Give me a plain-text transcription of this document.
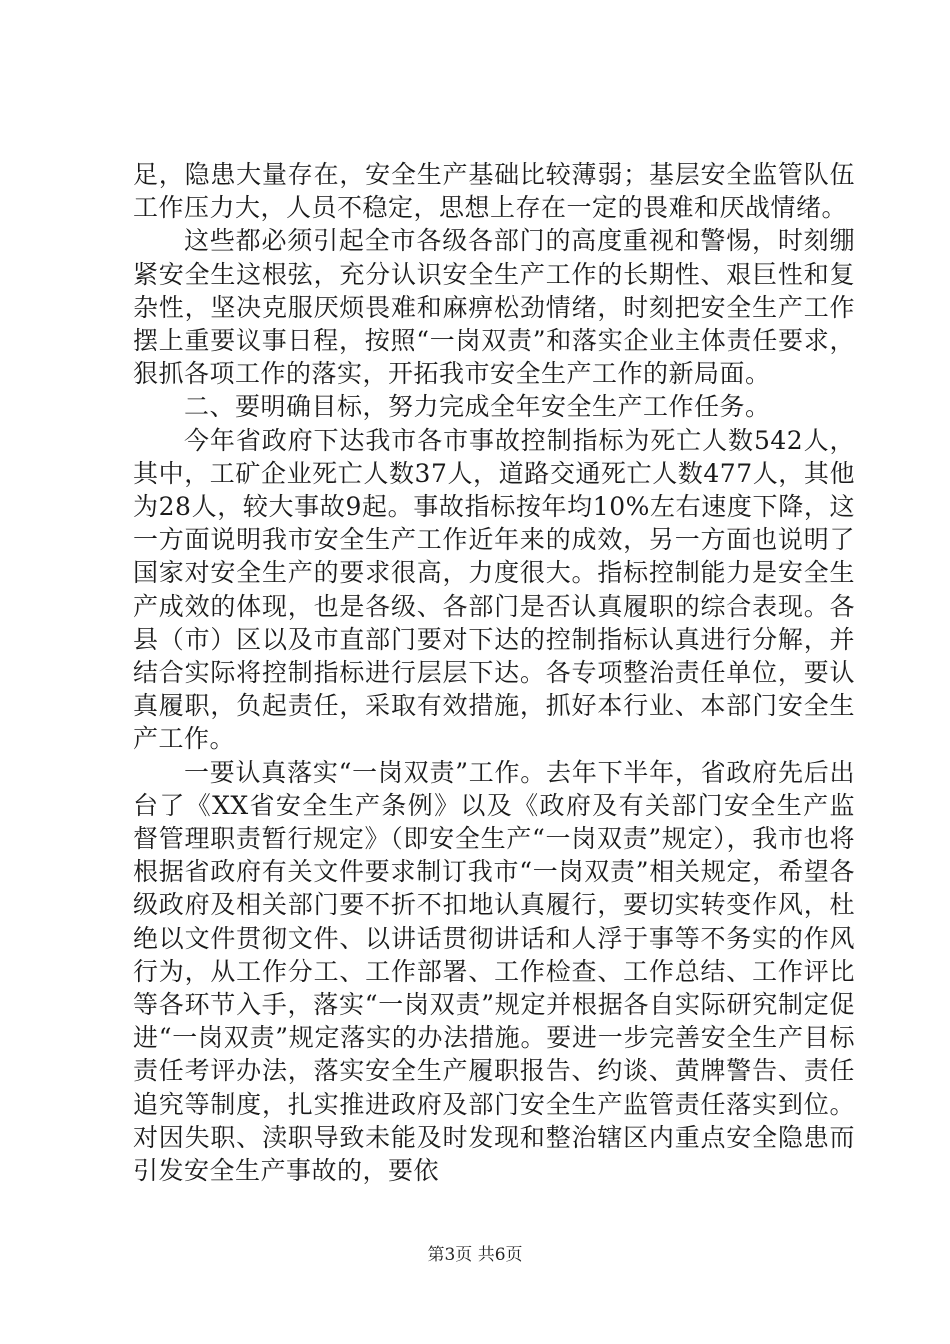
足，隐患大量存在，安全生产基础比较薄弱；基层安全监管队伍工作压力大，人员不稳定，思想上存在一定的畏难和厌战情绪。

这些都必须引起全市各级各部门的高度重视和警惕，时刻绷紧安全生这根弦，充分认识安全生产工作的长期性、艰巨性和复杂性，坚决克服厌烦畏难和麻痹松劲情绪，时刻把安全生产工作摆上重要议事日程，按照“一岗双责”和落实企业主体责任要求，狠抓各项工作的落实，开拓我市安全生产工作的新局面。

二、要明确目标，努力完成全年安全生产工作任务。

今年省政府下达我市各市事故控制指标为死亡人数542人，其中，工矿企业死亡人数37人，道路交通死亡人数477人，其他为28人，较大事故9起。事故指标按年均10%左右速度下降，这一方面说明我市安全生产工作近年来的成效，另一方面也说明了国家对安全生产的要求很高，力度很大。指标控制能力是安全生产成效的体现，也是各级、各部门是否认真履职的综合表现。各县（市）区以及市直部门要对下达的控制指标认真进行分解，并结合实际将控制指标进行层层下达。各专项整治责任单位，要认真履职，负起责任，采取有效措施，抓好本行业、本部门安全生产工作。

一要认真落实“一岗双责”工作。去年下半年，省政府先后出台了《XX省安全生产条例》以及《政府及有关部门安全生产监督管理职责暂行规定》（即安全生产“一岗双责”规定），我市也将根据省政府有关文件要求制订我市“一岗双责”相关规定，希望各级政府及相关部门要不折不扣地认真履行，要切实转变作风，杜绝以文件贯彻文件、以讲话贯彻讲话和人浮于事等不务实的作风行为，从工作分工、工作部署、工作检查、工作总结、工作评比等各环节入手，落实“一岗双责”规定并根据各自实际研究制定促进“一岗双责”规定落实的办法措施。要进一步完善安全生产目标责任考评办法，落实安全生产履职报告、约谈、黄牌警告、责任追究等制度，扎实推进政府及部门安全生产监管责任落实到位。对因失职、渎职导致未能及时发现和整治辖区内重点安全隐患而引发安全生产事故的，要依

第3页 共6页
